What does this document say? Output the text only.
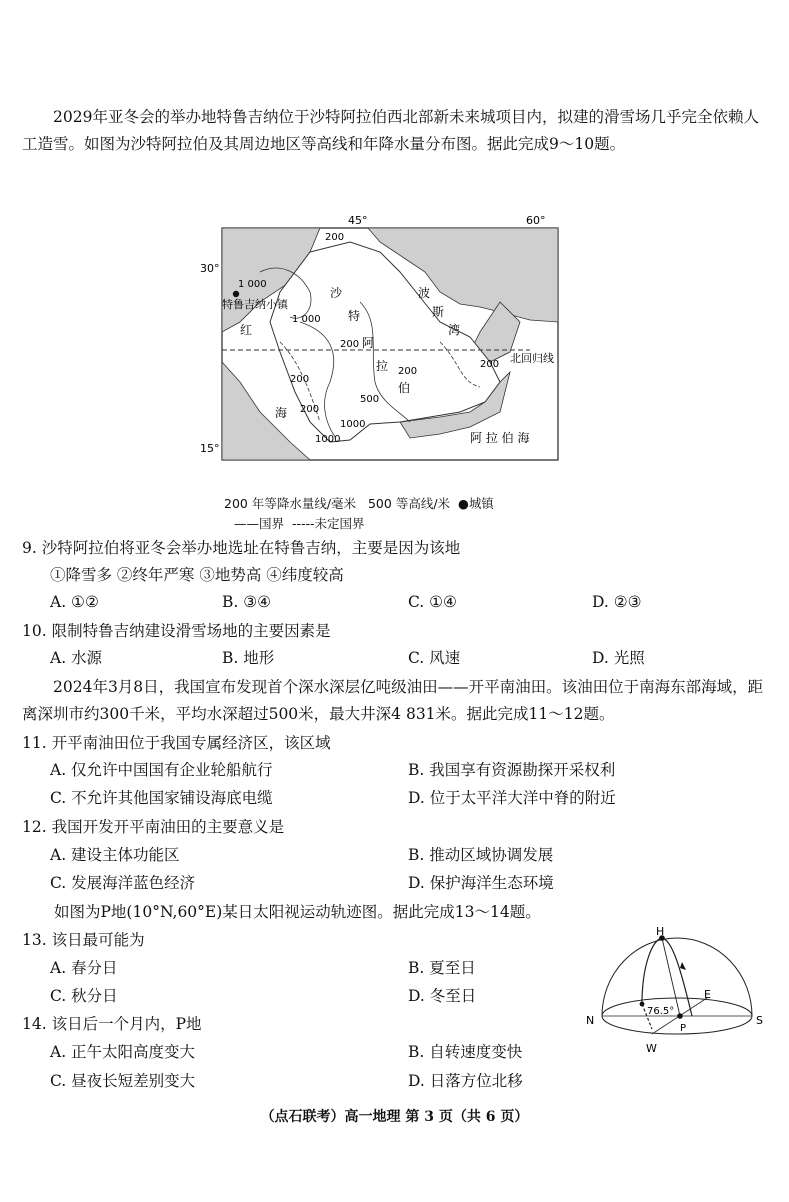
2029年亚冬会的举办地特鲁吉纳位于沙特阿拉伯西北部新未来城项目内，拟建的滑雪场几乎完全依赖人工造雪。如图为沙特阿拉伯及其周边地区等高线和年降水量分布图。据此完成9～10题。
45°	60°
30°
15°
北回归线
200
1 000
1 000
200
200
200
200
200
500
1000
1000
特鲁吉纳小镇
红
海
波
斯
湾
沙
特
阿
拉
伯
阿 拉 伯 海
200 年等降水量线/毫米 500 等高线/米  ●城镇
——国界  -----未定国界
9. 沙特阿拉伯将亚冬会举办地选址在特鲁吉纳，主要是因为该地
①降雪多 ②终年严寒 ③地势高 ④纬度较高
A. ①②	B. ③④	C. ①④	D. ②③
10. 限制特鲁吉纳建设滑雪场地的主要因素是
A. 水源	B. 地形	C. 风速	D. 光照
2024年3月8日，我国宣布发现首个深水深层亿吨级油田——开平南油田。该油田位于南海东部海域，距离深圳市约300千米，平均水深超过500米，最大井深4 831米。据此完成11～12题。
11. 开平南油田位于我国专属经济区，该区域
A. 仅允许中国国有企业轮船航行	B. 我国享有资源勘探开采权利
C. 不允许其他国家铺设海底电缆	D. 位于太平洋大洋中脊的附近
12. 我国开发开平南油田的主要意义是
A. 建设主体功能区	B. 推动区域协调发展
C. 发展海洋蓝色经济	D. 保护海洋生态环境
如图为P地(10°N,60°E)某日太阳视运动轨迹图。据此完成13～14题。
13. 该日最可能为
A. 春分日	B. 夏至日
C. 秋分日	D. 冬至日
14. 该日后一个月内，P地
A. 正午太阳高度变大	B. 自转速度变快
C. 昼夜长短差别变大	D. 日落方位北移
H
E
N	S
W
P
76.5°
（点石联考）高一地理 第 3 页（共 6 页）
